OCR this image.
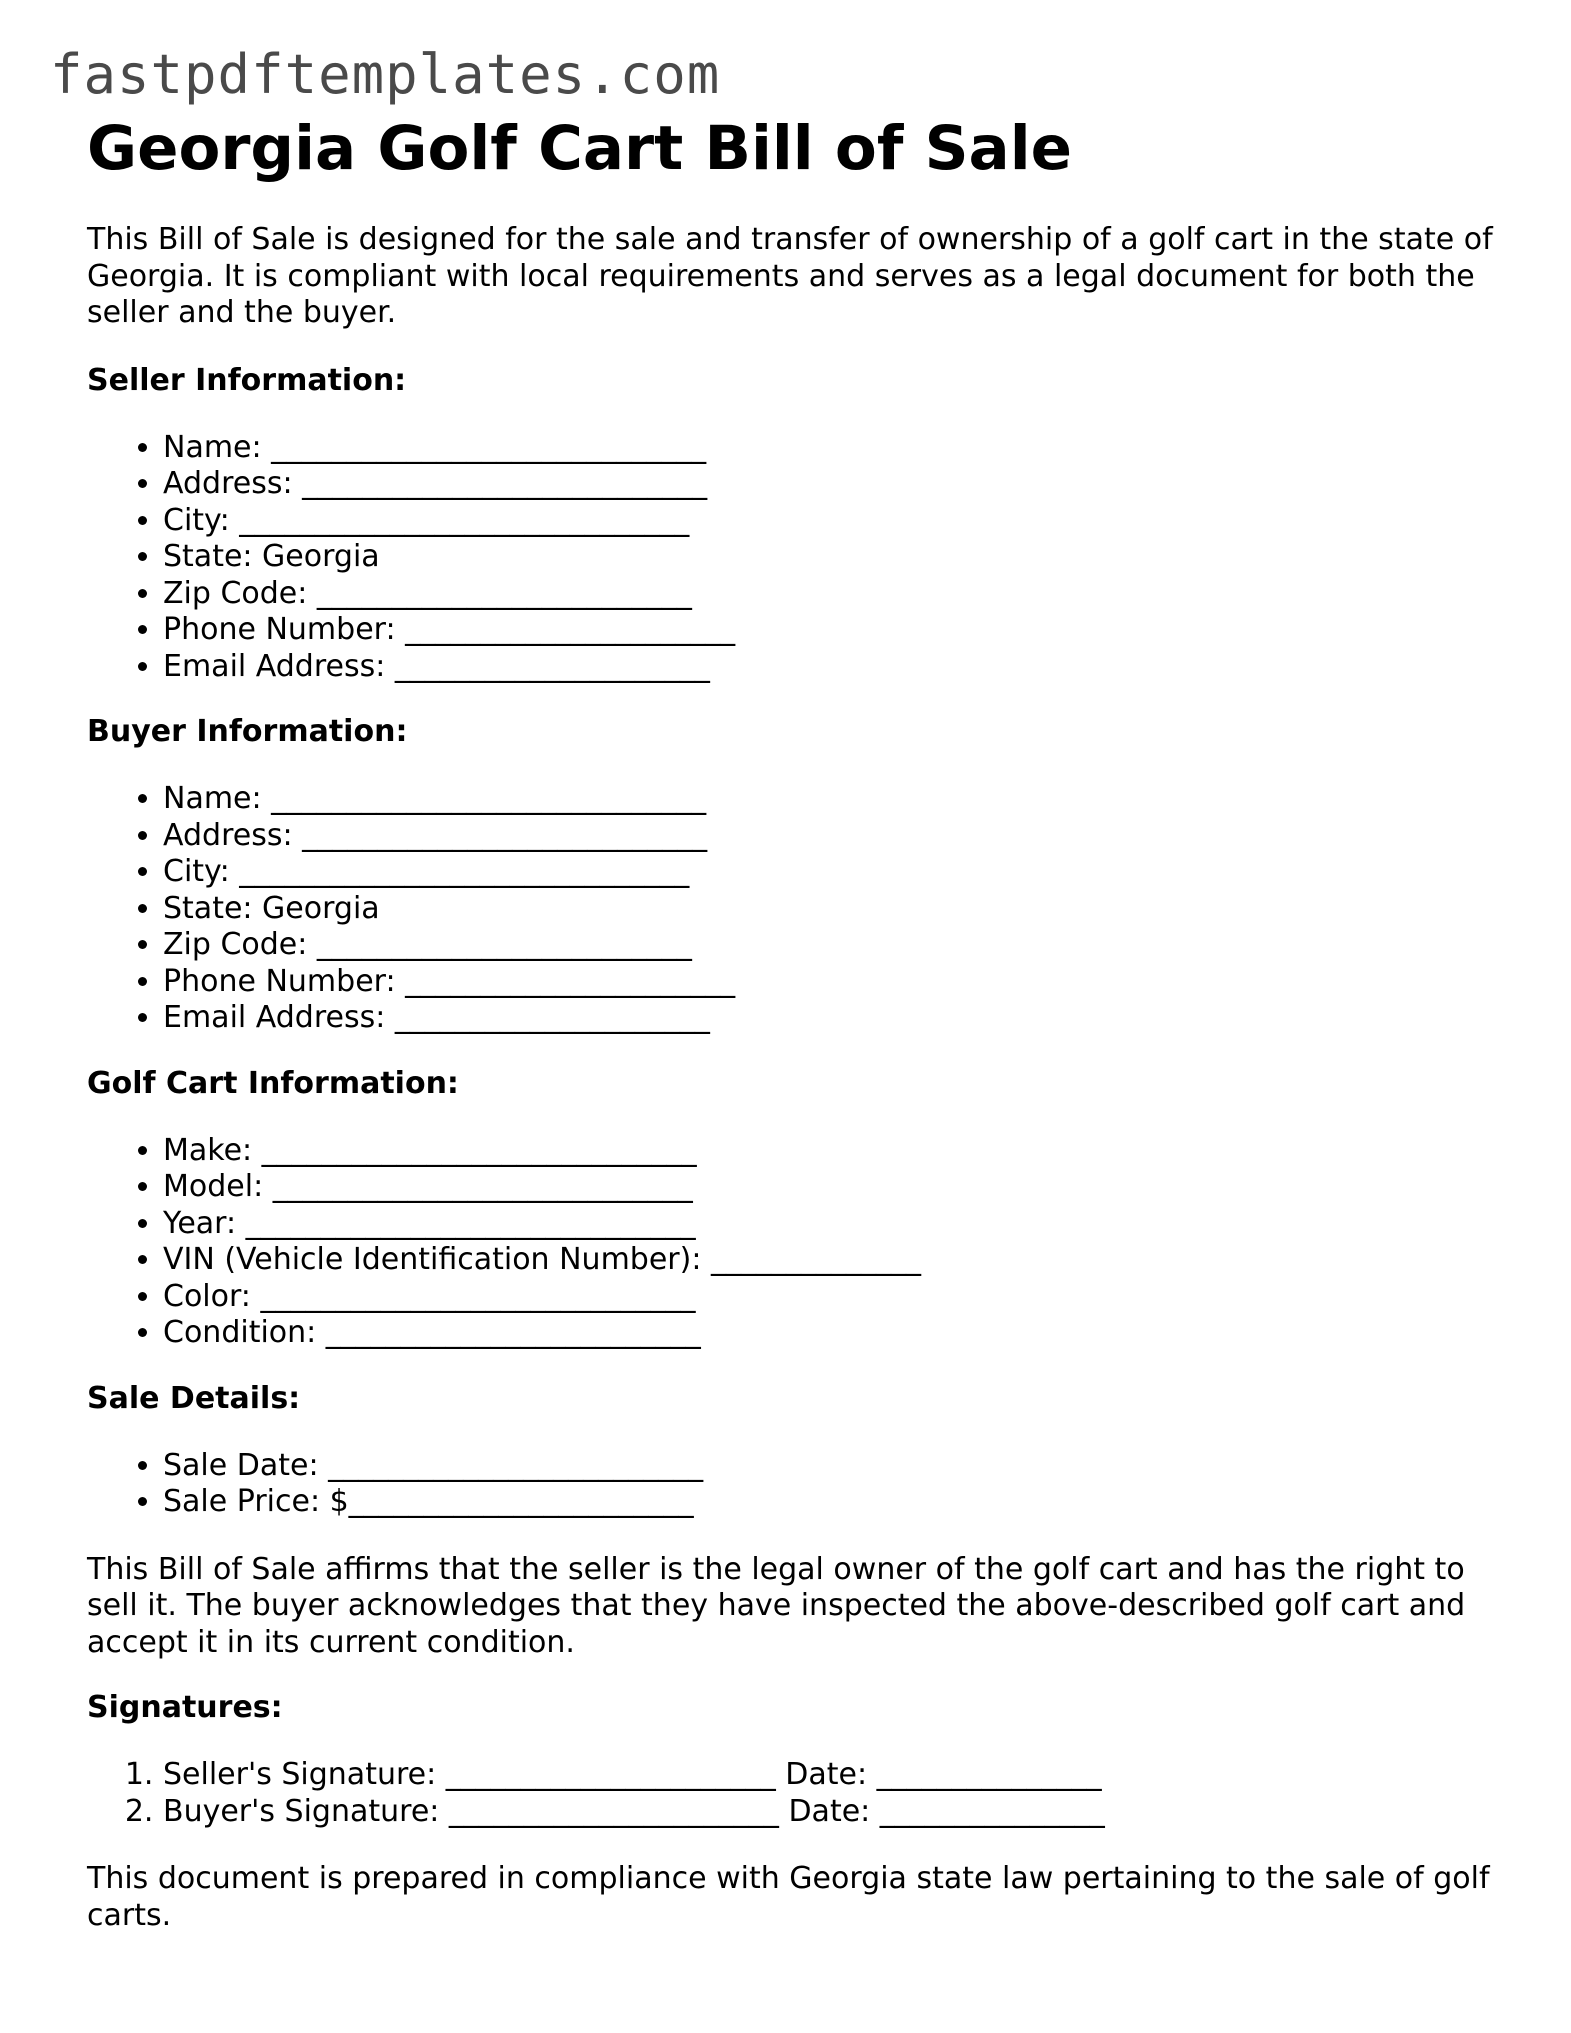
fastpdftemplates.com
Georgia Golf Cart Bill of Sale

This Bill of Sale is designed for the sale and transfer of ownership of a golf cart in the state of Georgia. It is compliant with local requirements and serves as a legal document for both the seller and the buyer.

Seller Information:
• Name: _____________________________
• Address: ___________________________
• City: ______________________________
• State: Georgia
• Zip Code: _________________________
• Phone Number: ______________________
• Email Address: _____________________
Buyer Information:
• Name: _____________________________
• Address: ___________________________
• City: ______________________________
• State: Georgia
• Zip Code: _________________________
• Phone Number: ______________________
• Email Address: _____________________
Golf Cart Information:
• Make: _____________________________
• Model: ____________________________
• Year: ______________________________
• VIN (Vehicle Identification Number): ______________
• Color: _____________________________
• Condition: _________________________
Sale Details:
• Sale Date: _________________________
• Sale Price: $_______________________

This Bill of Sale affirms that the seller is the legal owner of the golf cart and has the right to sell it. The buyer acknowledges that they have inspected the above-described golf cart and accept it in its current condition.

Signatures:
1. Seller's Signature: ______________________ Date: _______________
2. Buyer's Signature: ______________________ Date: _______________

This document is prepared in compliance with Georgia state law pertaining to the sale of golf carts.
